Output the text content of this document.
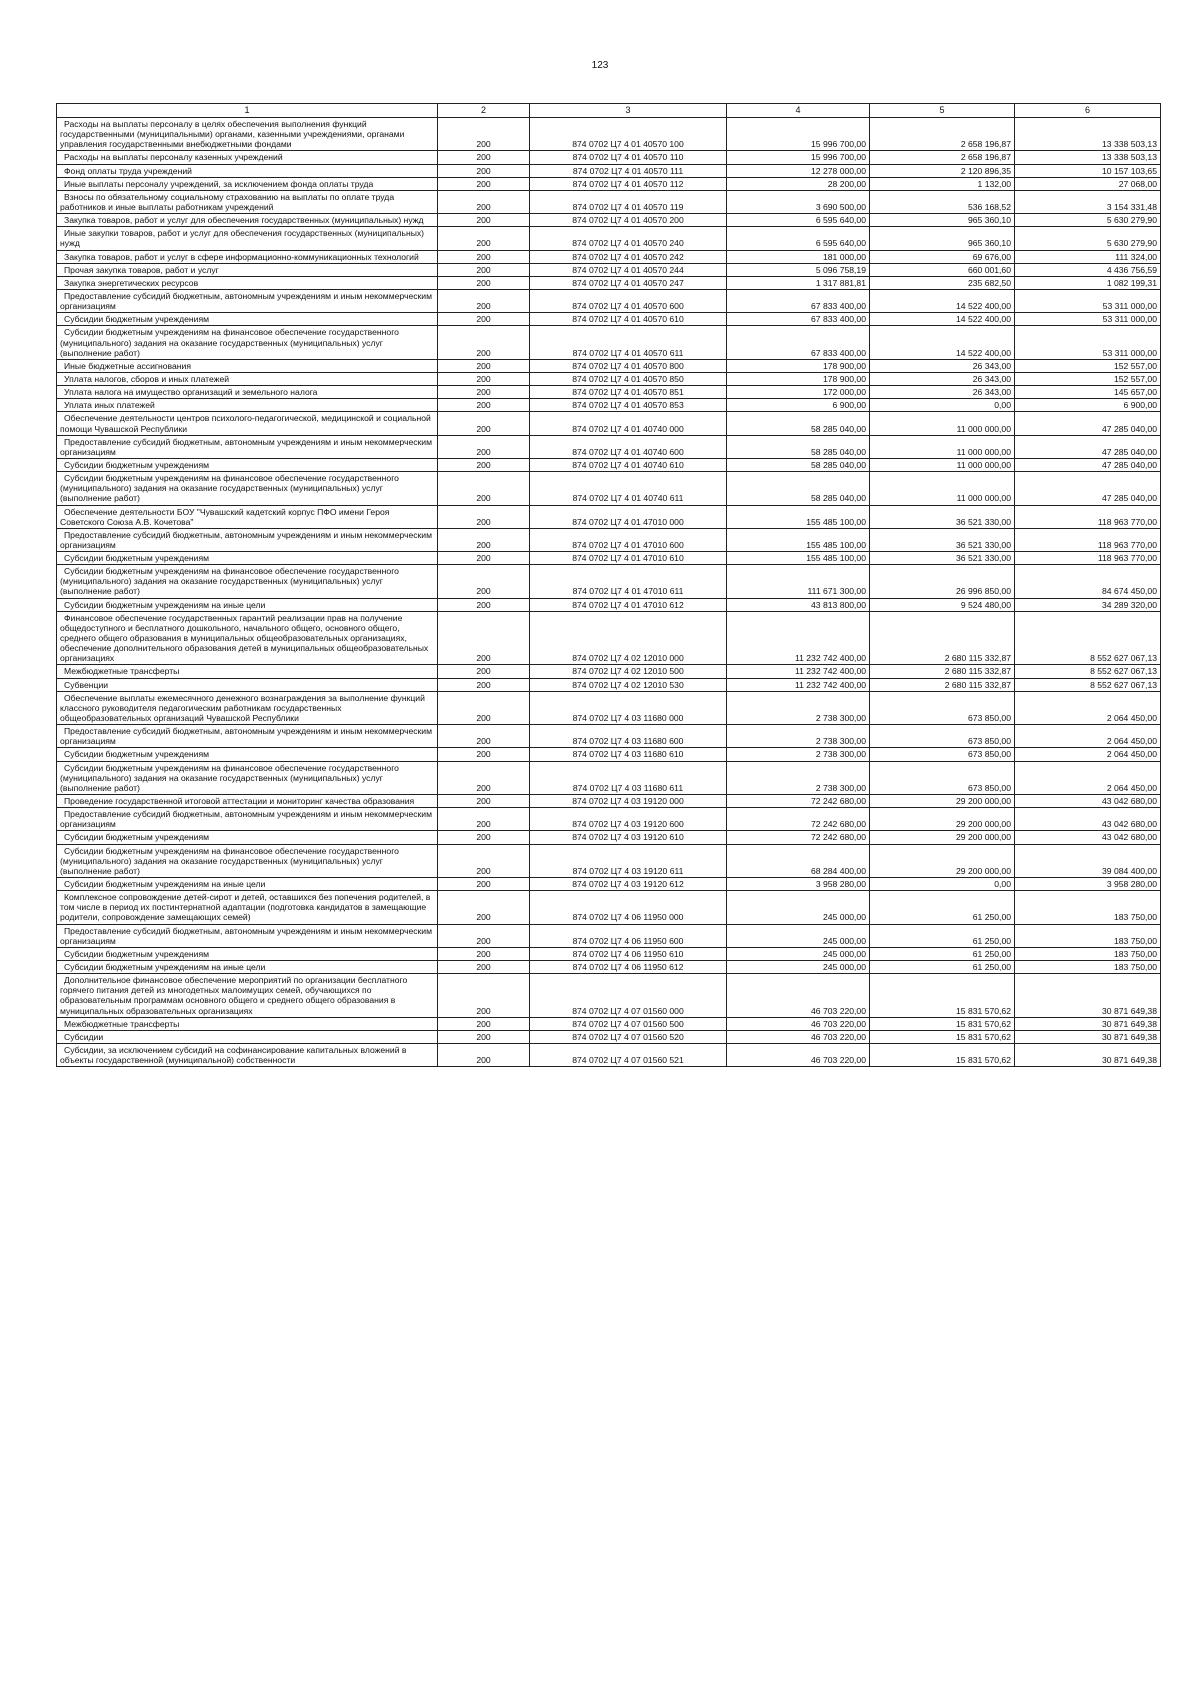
123
1	2	3	4	5	6
Расходы на выплаты персоналу в целях обеспечения выполнения функций государственными (муниципальными) органами, казенными учреждениями, органами управления государственными внебюджетными фондами	200	874 0702 Ц7 4 01 40570 100	15 996 700,00	2 658 196,87	13 338 503,13
Расходы на выплаты персоналу казенных учреждений	200	874 0702 Ц7 4 01 40570 110	15 996 700,00	2 658 196,87	13 338 503,13
Фонд оплаты труда учреждений	200	874 0702 Ц7 4 01 40570 111	12 278 000,00	2 120 896,35	10 157 103,65
Иные выплаты персоналу учреждений, за исключением фонда оплаты труда	200	874 0702 Ц7 4 01 40570 112	28 200,00	1 132,00	27 068,00
Взносы по обязательному социальному страхованию на выплаты по оплате труда работников и иные выплаты работникам учреждений	200	874 0702 Ц7 4 01 40570 119	3 690 500,00	536 168,52	3 154 331,48
Закупка товаров, работ и услуг для обеспечения государственных (муниципальных) нужд	200	874 0702 Ц7 4 01 40570 200	6 595 640,00	965 360,10	5 630 279,90
Иные закупки товаров, работ и услуг для обеспечения государственных (муниципальных) нужд	200	874 0702 Ц7 4 01 40570 240	6 595 640,00	965 360,10	5 630 279,90
Закупка товаров, работ и услуг в сфере информационно-коммуникационных технологий	200	874 0702 Ц7 4 01 40570 242	181 000,00	69 676,00	111 324,00
Прочая закупка товаров, работ и услуг	200	874 0702 Ц7 4 01 40570 244	5 096 758,19	660 001,60	4 436 756,59
Закупка энергетических ресурсов	200	874 0702 Ц7 4 01 40570 247	1 317 881,81	235 682,50	1 082 199,31
Предоставление субсидий бюджетным, автономным учреждениям и иным некоммерческим организациям	200	874 0702 Ц7 4 01 40570 600	67 833 400,00	14 522 400,00	53 311 000,00
Субсидии бюджетным учреждениям	200	874 0702 Ц7 4 01 40570 610	67 833 400,00	14 522 400,00	53 311 000,00
Субсидии бюджетным учреждениям на финансовое обеспечение государственного (муниципального) задания на оказание государственных (муниципальных) услуг (выполнение работ)	200	874 0702 Ц7 4 01 40570 611	67 833 400,00	14 522 400,00	53 311 000,00
Иные бюджетные ассигнования	200	874 0702 Ц7 4 01 40570 800	178 900,00	26 343,00	152 557,00
Уплата налогов, сборов и иных платежей	200	874 0702 Ц7 4 01 40570 850	178 900,00	26 343,00	152 557,00
Уплата налога на имущество организаций и земельного налога	200	874 0702 Ц7 4 01 40570 851	172 000,00	26 343,00	145 657,00
Уплата иных платежей	200	874 0702 Ц7 4 01 40570 853	6 900,00	0,00	6 900,00
Обеспечение деятельности центров психолого-педагогической, медицинской и социальной помощи Чувашской Республики	200	874 0702 Ц7 4 01 40740 000	58 285 040,00	11 000 000,00	47 285 040,00
Предоставление субсидий бюджетным, автономным учреждениям и иным некоммерческим организациям	200	874 0702 Ц7 4 01 40740 600	58 285 040,00	11 000 000,00	47 285 040,00
Субсидии бюджетным учреждениям	200	874 0702 Ц7 4 01 40740 610	58 285 040,00	11 000 000,00	47 285 040,00
Субсидии бюджетным учреждениям на финансовое обеспечение государственного (муниципального) задания на оказание государственных (муниципальных) услуг (выполнение работ)	200	874 0702 Ц7 4 01 40740 611	58 285 040,00	11 000 000,00	47 285 040,00
Обеспечение деятельности БОУ "Чувашский кадетский корпус ПФО имени Героя Советского Союза А.В. Кочетова"	200	874 0702 Ц7 4 01 47010 000	155 485 100,00	36 521 330,00	118 963 770,00
Предоставление субсидий бюджетным, автономным учреждениям и иным некоммерческим организациям	200	874 0702 Ц7 4 01 47010 600	155 485 100,00	36 521 330,00	118 963 770,00
Субсидии бюджетным учреждениям	200	874 0702 Ц7 4 01 47010 610	155 485 100,00	36 521 330,00	118 963 770,00
Субсидии бюджетным учреждениям на финансовое обеспечение государственного (муниципального) задания на оказание государственных (муниципальных) услуг (выполнение работ)	200	874 0702 Ц7 4 01 47010 611	111 671 300,00	26 996 850,00	84 674 450,00
Субсидии бюджетным учреждениям на иные цели	200	874 0702 Ц7 4 01 47010 612	43 813 800,00	9 524 480,00	34 289 320,00
Финансовое обеспечение государственных гарантий реализации прав на получение общедоступного и бесплатного дошкольного, начального общего, основного общего, среднего общего образования в муниципальных общеобразовательных организациях, обеспечение дополнительного образования детей в муниципальных общеобразовательных организациях	200	874 0702 Ц7 4 02 12010 000	11 232 742 400,00	2 680 115 332,87	8 552 627 067,13
Межбюджетные трансферты	200	874 0702 Ц7 4 02 12010 500	11 232 742 400,00	2 680 115 332,87	8 552 627 067,13
Субвенции	200	874 0702 Ц7 4 02 12010 530	11 232 742 400,00	2 680 115 332,87	8 552 627 067,13
Обеспечение выплаты ежемесячного денежного вознаграждения за выполнение функций классного руководителя педагогическим работникам государственных общеобразовательных организаций Чувашской Республики	200	874 0702 Ц7 4 03 11680 000	2 738 300,00	673 850,00	2 064 450,00
Предоставление субсидий бюджетным, автономным учреждениям и иным некоммерческим организациям	200	874 0702 Ц7 4 03 11680 600	2 738 300,00	673 850,00	2 064 450,00
Субсидии бюджетным учреждениям	200	874 0702 Ц7 4 03 11680 610	2 738 300,00	673 850,00	2 064 450,00
Субсидии бюджетным учреждениям на финансовое обеспечение государственного (муниципального) задания на оказание государственных (муниципальных) услуг (выполнение работ)	200	874 0702 Ц7 4 03 11680 611	2 738 300,00	673 850,00	2 064 450,00
Проведение государственной итоговой аттестации и мониторинг качества образования	200	874 0702 Ц7 4 03 19120 000	72 242 680,00	29 200 000,00	43 042 680,00
Предоставление субсидий бюджетным, автономным учреждениям и иным некоммерческим организациям	200	874 0702 Ц7 4 03 19120 600	72 242 680,00	29 200 000,00	43 042 680,00
Субсидии бюджетным учреждениям	200	874 0702 Ц7 4 03 19120 610	72 242 680,00	29 200 000,00	43 042 680,00
Субсидии бюджетным учреждениям на финансовое обеспечение государственного (муниципального) задания на оказание государственных (муниципальных) услуг (выполнение работ)	200	874 0702 Ц7 4 03 19120 611	68 284 400,00	29 200 000,00	39 084 400,00
Субсидии бюджетным учреждениям на иные цели	200	874 0702 Ц7 4 03 19120 612	3 958 280,00	0,00	3 958 280,00
Комплексное сопровождение детей-сирот и детей, оставшихся без попечения родителей, в том числе в период их постинтернатной адаптации (подготовка кандидатов в замещающие родители, сопровождение замещающих семей)	200	874 0702 Ц7 4 06 11950 000	245 000,00	61 250,00	183 750,00
Предоставление субсидий бюджетным, автономным учреждениям и иным некоммерческим организациям	200	874 0702 Ц7 4 06 11950 600	245 000,00	61 250,00	183 750,00
Субсидии бюджетным учреждениям	200	874 0702 Ц7 4 06 11950 610	245 000,00	61 250,00	183 750,00
Субсидии бюджетным учреждениям на иные цели	200	874 0702 Ц7 4 06 11950 612	245 000,00	61 250,00	183 750,00
Дополнительное финансовое обеспечение мероприятий по организации бесплатного горячего питания детей из многодетных малоимущих семей, обучающихся по образовательным программам основного общего и среднего общего образования в муниципальных образовательных организациях	200	874 0702 Ц7 4 07 01560 000	46 703 220,00	15 831 570,62	30 871 649,38
Межбюджетные трансферты	200	874 0702 Ц7 4 07 01560 500	46 703 220,00	15 831 570,62	30 871 649,38
Субсидии	200	874 0702 Ц7 4 07 01560 520	46 703 220,00	15 831 570,62	30 871 649,38
Субсидии, за исключением субсидий на софинансирование капитальных вложений в объекты государственной (муниципальной) собственности	200	874 0702 Ц7 4 07 01560 521	46 703 220,00	15 831 570,62	30 871 649,38
